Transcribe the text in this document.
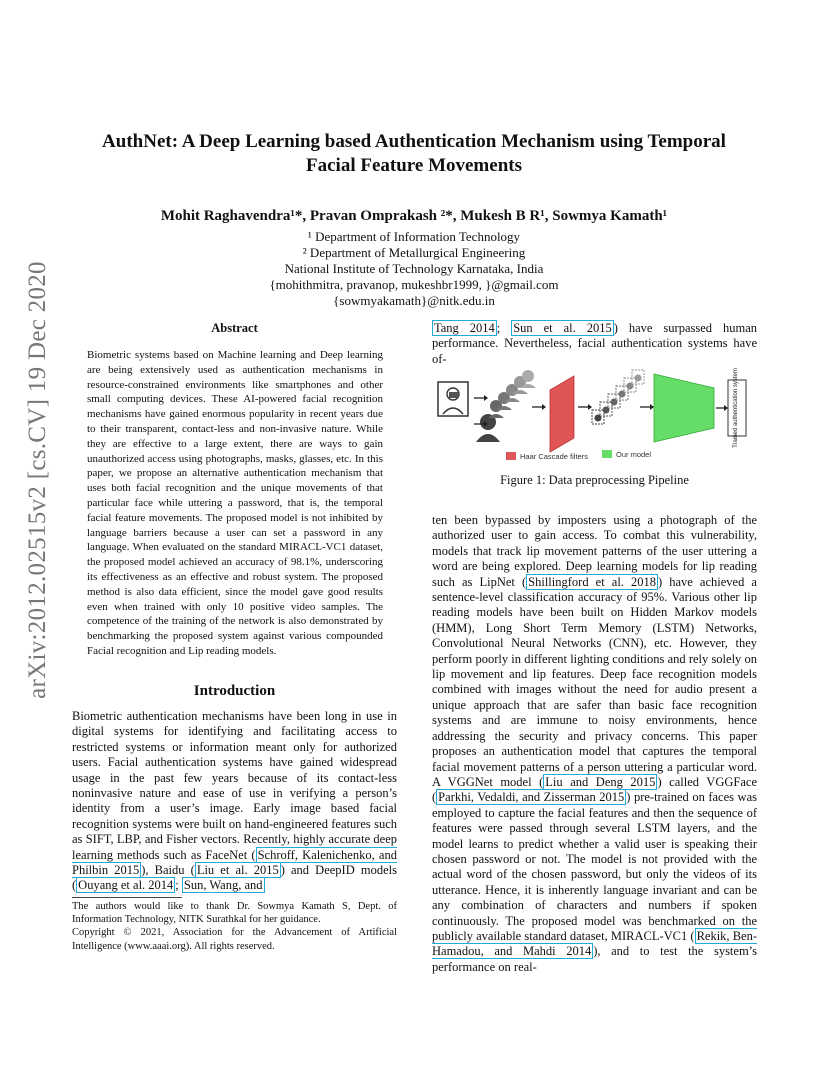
arXiv:2012.02515v2 [cs.CV] 19 Dec 2020
AuthNet: A Deep Learning based Authentication Mechanism using Temporal
Facial Feature Movements
Mohit Raghavendra¹*, Pravan Omprakash ²*, Mukesh B R¹, Sowmya Kamath¹
¹ Department of Information Technology
² Department of Metallurgical Engineering
National Institute of Technology Karnataka, India
{mohithmitra, pravanop, mukeshbr1999, }@gmail.com
{sowmyakamath}@nitk.edu.in
Abstract
Biometric systems based on Machine learning and Deep learning are being extensively used as authentication mechanisms in resource-constrained environments like smartphones and other small computing devices. These AI-powered facial recognition mechanisms have gained enormous popularity in recent years due to their transparent, contact-less and non-invasive nature. While they are effective to a large extent, there are ways to gain unauthorized access using photographs, masks, glasses, etc. In this paper, we propose an alternative authentication mechanism that uses both facial recognition and the unique movements of that particular face while uttering a password, that is, the temporal facial feature movements. The proposed model is not inhibited by language barriers because a user can set a password in any language. When evaluated on the standard MIRACL-VC1 dataset, the proposed model achieved an accuracy of 98.1%, underscoring its effectiveness as an effective and robust system. The proposed method is also data efficient, since the model gave good results even when trained with only 10 positive video samples. The competence of the training of the network is also demonstrated by benchmarking the proposed system against various compounded Facial recognition and Lip reading models.
Introduction
Biometric authentication mechanisms have been long in use in digital systems for identifying and facilitating access to restricted systems or information meant only for authorized users. Facial authentication systems have gained widespread usage in the past few years because of its contact-less noninvasive nature and ease of use in verifying a person’s identity from a user’s image. Early image based facial recognition systems were built on hand-engineered features such as SIFT, LBP, and Fisher vectors. Recently, highly accurate deep learning methods such as FaceNet ( Schroff, Kalenichenko, and Philbin 2015 ), Baidu ( Liu et al. 2015 ) and DeepID models ( Ouyang et al. 2014 ; Sun, Wang, and

The authors would like to thank Dr. Sowmya Kamath S, Dept. of Information Technology, NITK Surathkal for her guidance.

Copyright © 2021, Association for the Advancement of Artificial Intelligence (www.aaai.org). All rights reserved.

Tang 2014 ; Sun et al. 2015 ) have surpassed human performance. Nevertheless, facial authentication systems have of-
Trained authentication system
Haar Cascade filters	Our model
Figure 1: Data preprocessing Pipeline
ten been bypassed by imposters using a photograph of the authorized user to gain access. To combat this vulnerability, models that track lip movement patterns of the user uttering a word are being explored. Deep learning models for lip reading such as LipNet ( Shillingford et al. 2018 ) have achieved a sentence-level classification accuracy of 95%. Various other lip reading models have been built on Hidden Markov models (HMM), Long Short Term Memory (LSTM) Networks, Convolutional Neural Networks (CNN), etc. However, they perform poorly in different lighting conditions and rely solely on lip movement and lip features. Deep face recognition models combined with images without the need for audio present a unique approach that are safer than basic face recognition systems and are immune to noisy environments, hence addressing the security and privacy concerns. This paper proposes an authentication model that captures the temporal facial movement patterns of a person uttering a particular word. A VGGNet model ( Liu and Deng 2015 ) called VGGFace ( Parkhi, Vedaldi, and Zisserman 2015 ) pre-trained on faces was employed to capture the facial features and then the sequence of features were passed through several LSTM layers, and the model learns to predict whether a valid user is speaking their chosen password or not. The model is not provided with the actual word of the chosen password, but only the videos of its utterance. Hence, it is inherently language invariant and can be any combination of characters and numbers if spoken continuously. The proposed model was benchmarked on the publicly available standard dataset, MIRACL-VC1 ( Rekik, Ben-Hamadou, and Mahdi 2014 ), and to test the system’s performance on real-
